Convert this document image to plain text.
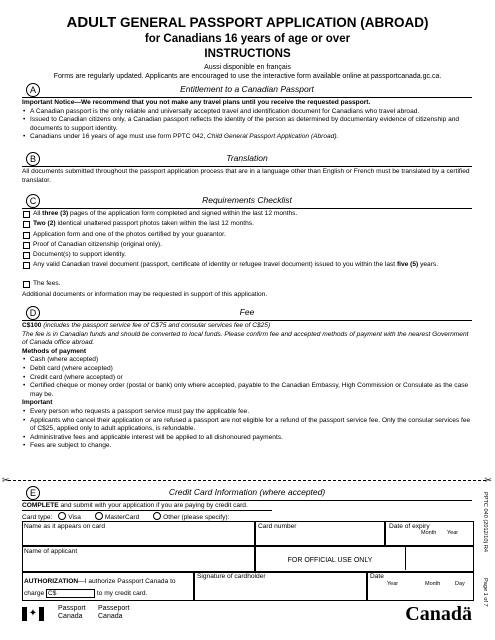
ADULT GENERAL PASSPORT APPLICATION (ABROAD)
for Canadians 16 years of age or over
INSTRUCTIONS
Aussi disponible en français
Forms are regularly updated. Applicants are encouraged to use the interactive form available online at passportcanada.gc.ca.
A	Entitlement to a Canadian Passport
Important Notice—We recommend that you not make any travel plans until you receive the requested passport.
• A Canadian passport is the only reliable and universally accepted travel and identification document for Canadians who travel abroad.
• Issued to Canadian citizens only, a Canadian passport reflects the identity of the person as determined by documentary evidence of citizenship and documents to support identity.
• Canadians under 16 years of age must use form PPTC 042, Child General Passport Application (Abroad).
B	Translation
All documents submitted throughout the passport application process that are in a language other than English or French must be translated by a certified translator.
C	Requirements Checklist
All three (3) pages of the application form completed and signed within the last 12 months.
Two (2) identical unaltered passport photos taken within the last 12 months.
Application form and one of the photos certified by your guarantor.
Proof of Canadian citizenship (original only).
Document(s) to support identity.
Any valid Canadian travel document (passport, certificate of identity or refugee travel document) issued to you within the last five (5) years.
The fees.
Additional documents or information may be requested in support of this application.
D	Fee
C$100 (includes the passport service fee of C$75 and consular services fee of C$25)
The fee is in Canadian funds and should be converted to local funds. Please confirm fee and accepted methods of payment with the nearest Government of Canada office abroad.
Methods of payment
• Cash (where accepted)
• Debit card (where accepted)
• Credit card (where accepted) or
• Certified cheque or money order (postal or bank) only where accepted, payable to the Canadian Embassy, High Commission or Consulate as the case may be.
Important
• Every person who requests a passport service must pay the applicable fee.
• Applicants who cancel their application or are refused a passport are not eligible for a refund of the passport service fee. Only the consular services fee of C$25, applied only to adult applications, is refundable.
• Administrative fees and applicable interest will be applied to all dishonoured payments.
• Fees are subject to change.
✂	✂
E	Credit Card Information (where accepted)
COMPLETE and submit with your application if you are paying by credit card.
Card type: Visa	MasterCard	Other (please specify):
Name as it appears on card	Card number	Date of expiry
Month Year
Name of applicant
FOR OFFICIAL USE ONLY
AUTHORIZATION—I authorize Passport Canada to
charge C$	to my credit card.
Signature of cardholder	Date
Year	Month	Day
PPTC 040 (2012/10) R4
Page 1 of 7
✦	Passport
Canada
Passeport
Canada	Canadä
